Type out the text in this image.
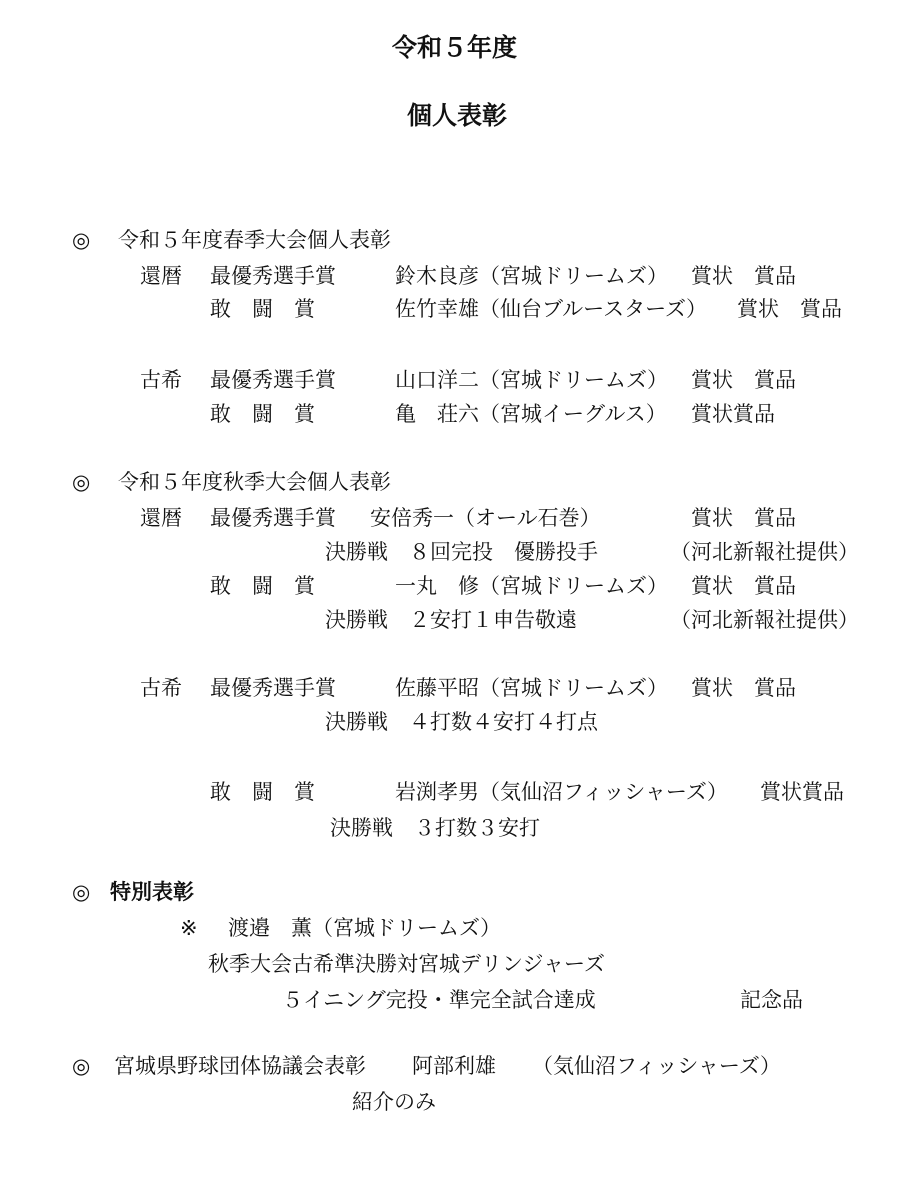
令和５年度
個人表彰
◎ 令和５年度春季大会個人表彰
還暦 最優秀選手賞	鈴木良彦（宮城ドリームズ） 賞状　賞品
敢　闘　賞	佐竹幸雄（仙台ブルースターズ） 賞状　賞品
古希 最優秀選手賞	山口洋二（宮城ドリームズ） 賞状　賞品
敢　闘　賞	亀　荘六（宮城イーグルス） 賞状賞品
◎ 令和５年度秋季大会個人表彰
還暦 最優秀選手賞 安倍秀一（オール石巻）	賞状　賞品
決勝戦　８回完投　優勝投手	（河北新報社提供）
敢　闘　賞	一丸　修（宮城ドリームズ） 賞状　賞品
決勝戦　２安打１申告敬遠	（河北新報社提供）
古希 最優秀選手賞	佐藤平昭（宮城ドリームズ） 賞状　賞品
決勝戦　４打数４安打４打点
敢　闘　賞	岩渕孝男（気仙沼フィッシャーズ） 賞状賞品
決勝戦　３打数３安打
◎ 特別表彰
※ 渡邉　薫（宮城ドリームズ）
秋季大会古希準決勝対宮城デリンジャーズ
５イニング完投・準完全試合達成	記念品
◎ 宮城県野球団体協議会表彰 阿部利雄 （気仙沼フィッシャーズ）
紹介のみ
